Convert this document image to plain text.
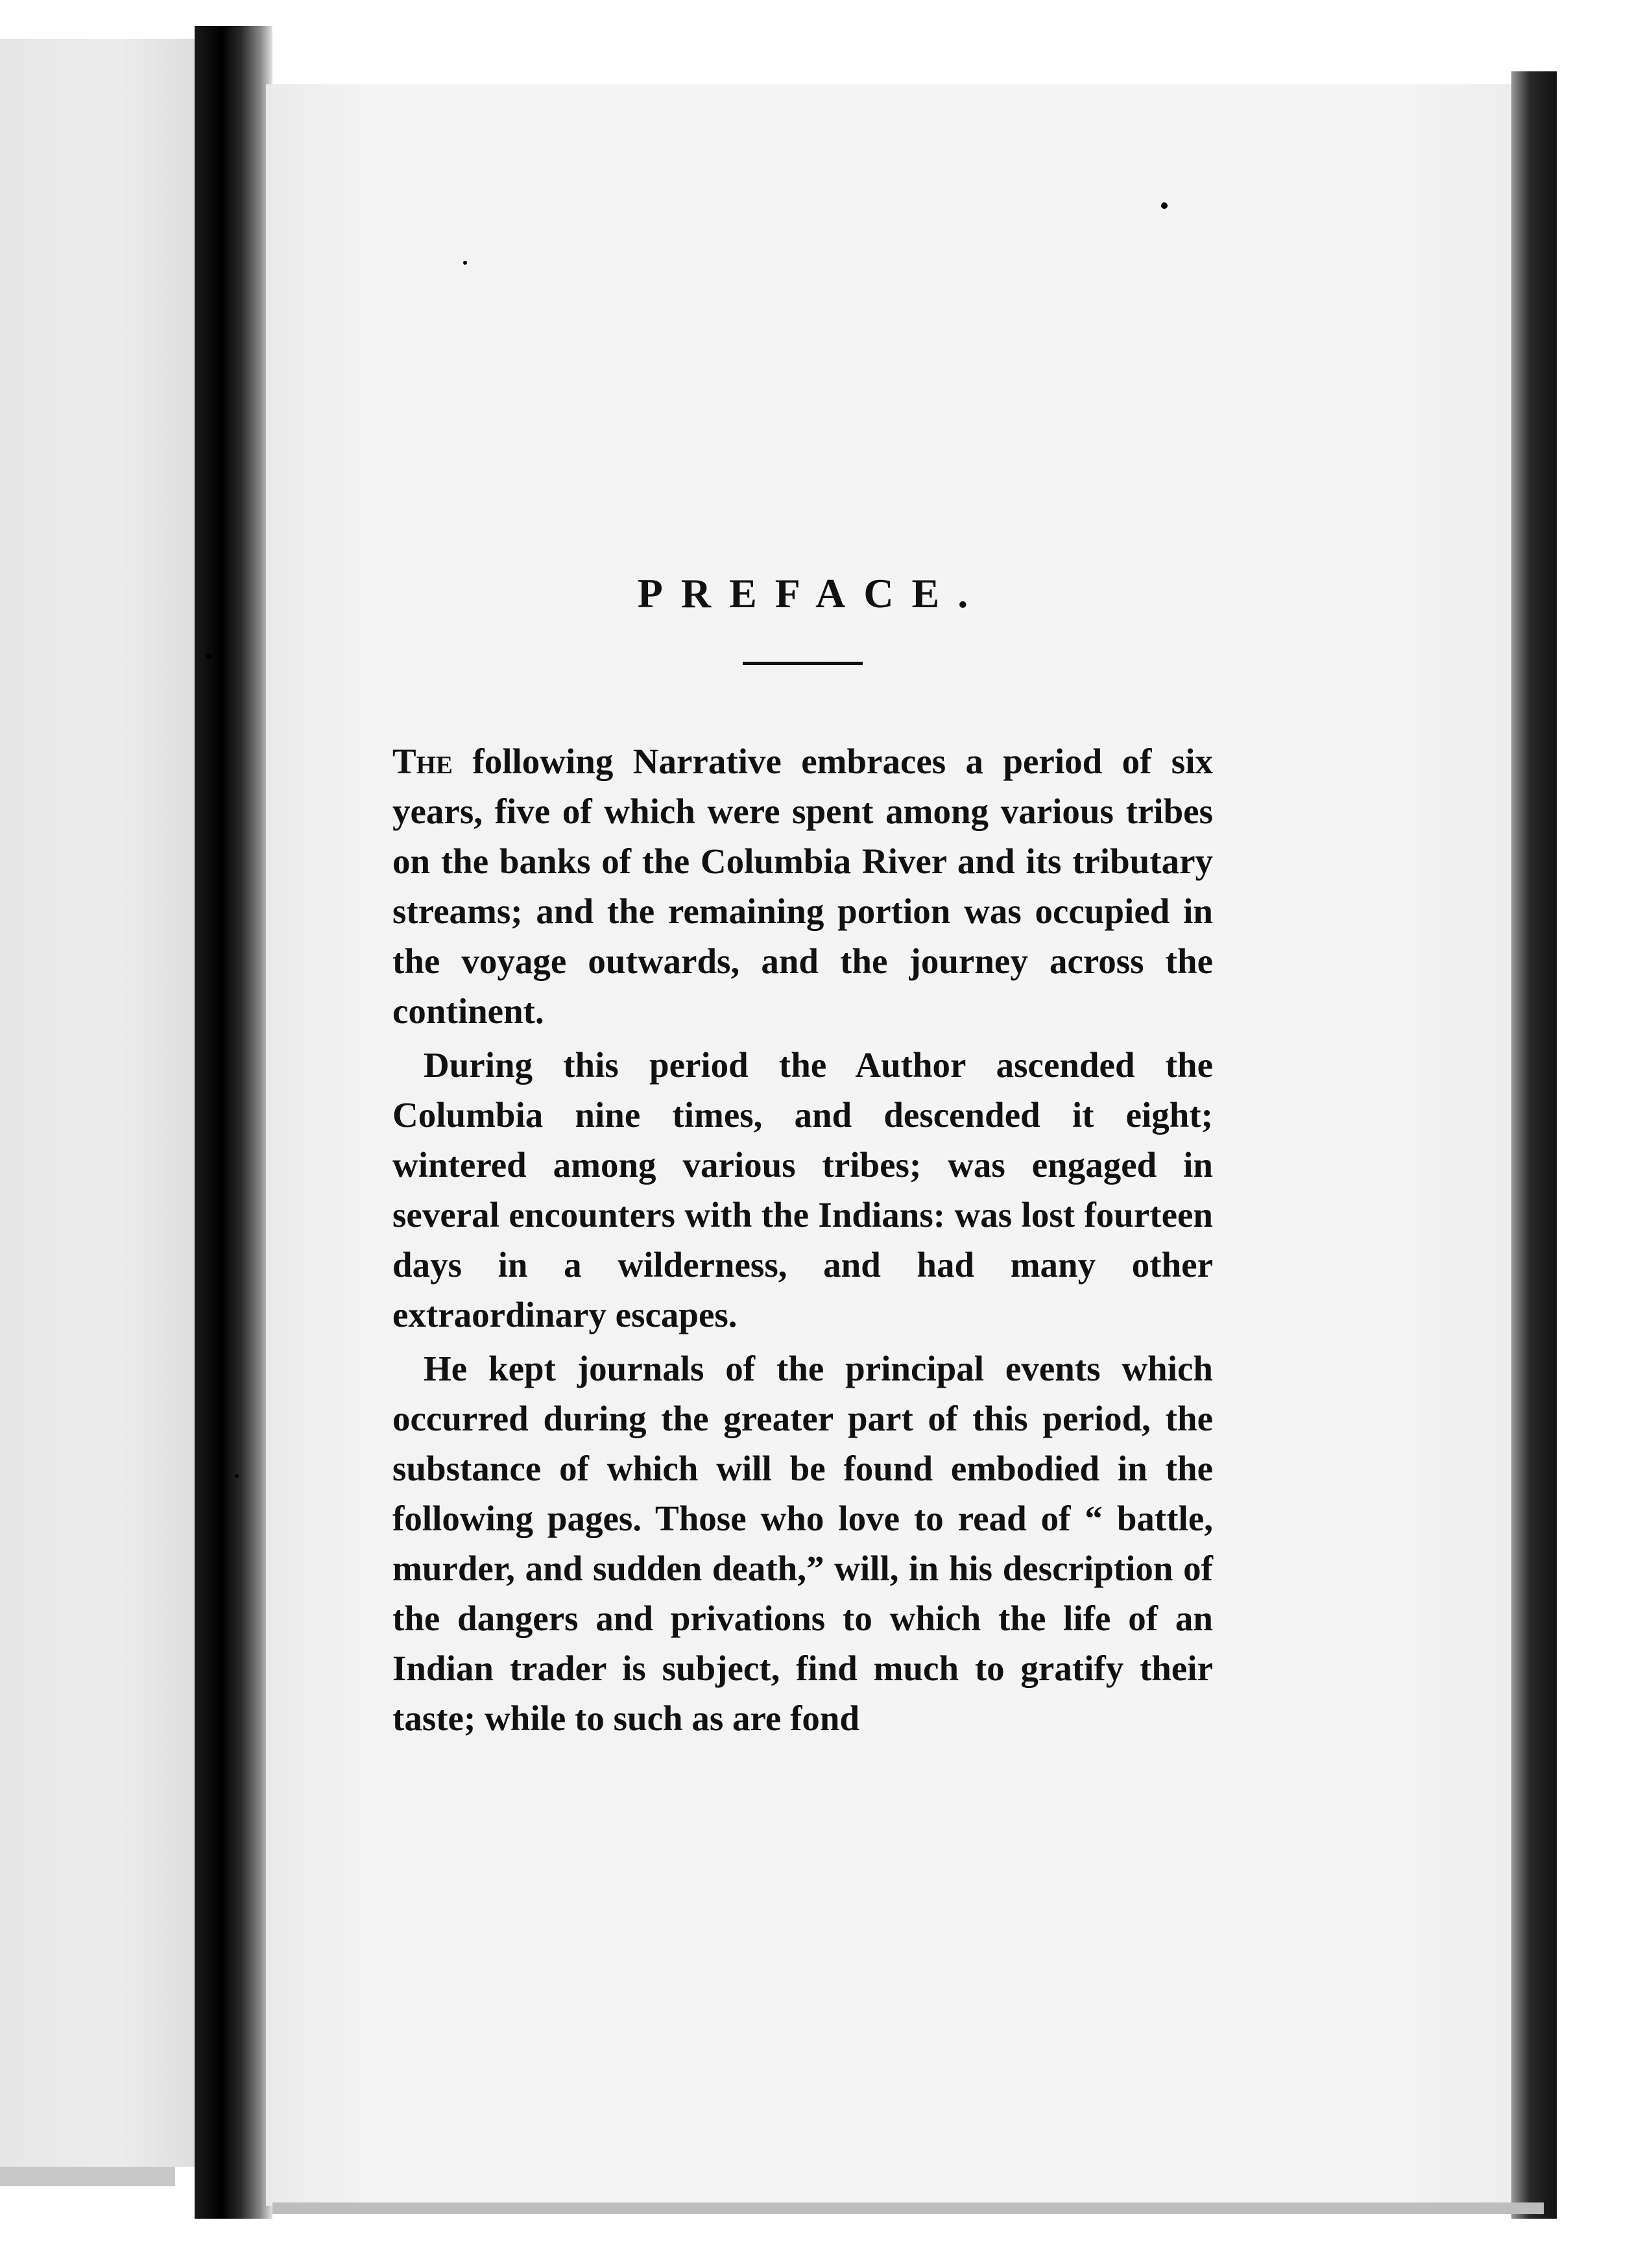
PREFACE.

The following Narrative embraces a period of six years, five of which were spent among various tribes on the banks of the Columbia River and its tributary streams; and the remaining portion was occupied in the voyage outwards, and the journey across the continent.

During this period the Author ascended the Columbia nine times, and descended it eight; wintered among various tribes; was engaged in several encounters with the Indians: was lost fourteen days in a wilderness, and had many other extraordinary escapes.

He kept journals of the principal events which occurred during the greater part of this period, the substance of which will be found embodied in the following pages. Those who love to read of “ battle, murder, and sudden death,” will, in his description of the dangers and privations to which the life of an Indian trader is subject, find much to gratify their taste; while to such as are fond
